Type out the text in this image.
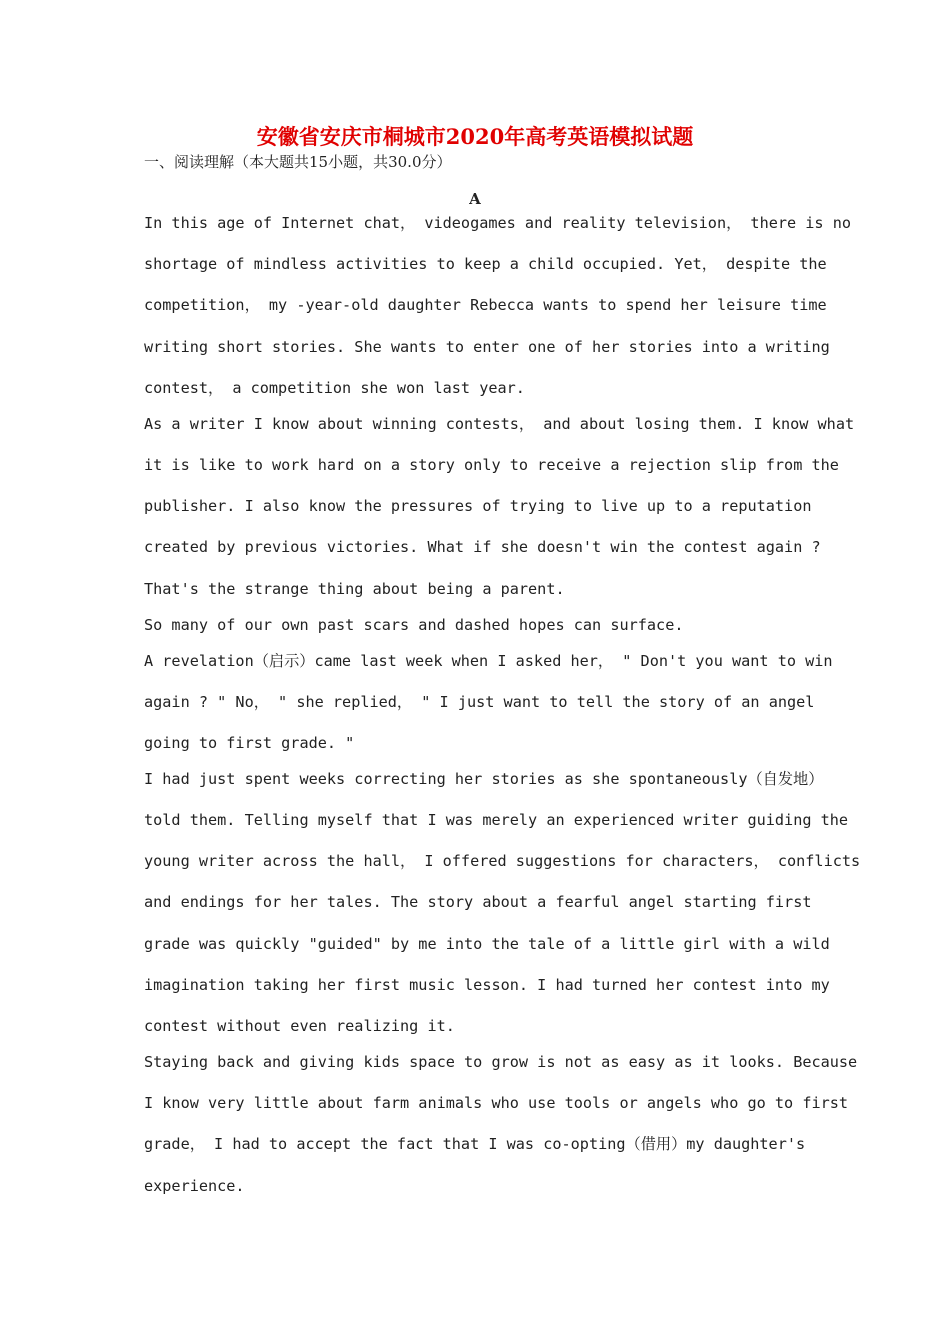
安徽省安庆市桐城市2020年高考英语模拟试题
一、阅读理解（本大题共15小题，共30.0分）
A
In this age of Internet chat， videogames and reality television， there is no
shortage of mindless activities to keep a child occupied. Yet， despite the
competition， my -year-old daughter Rebecca wants to spend her leisure time
writing short stories. She wants to enter one of her stories into a writing
contest， a competition she won last year.
As a writer I know about winning contests， and about losing them. I know what
it is like to work hard on a story only to receive a rejection slip from the
publisher. I also know the pressures of trying to live up to a reputation
created by previous victories. What if she doesn't win the contest again ?
That's the strange thing about being a parent.
So many of our own past scars and dashed hopes can surface.
A revelation（启示）came last week when I asked her， " Don't you want to win
again ? " No， " she replied， " I just want to tell the story of an angel
going to first grade. "
I had just spent weeks correcting her stories as she spontaneously（自发地）
told them. Telling myself that I was merely an experienced writer guiding the
young writer across the hall， I offered suggestions for characters， conflicts
and endings for her tales. The story about a fearful angel starting first
grade was quickly "guided" by me into the tale of a little girl with a wild
imagination taking her first music lesson. I had turned her contest into my
contest without even realizing it.
Staying back and giving kids space to grow is not as easy as it looks. Because
I know very little about farm animals who use tools or angels who go to first
grade， I had to accept the fact that I was co-opting（借用）my daughter's
experience.
